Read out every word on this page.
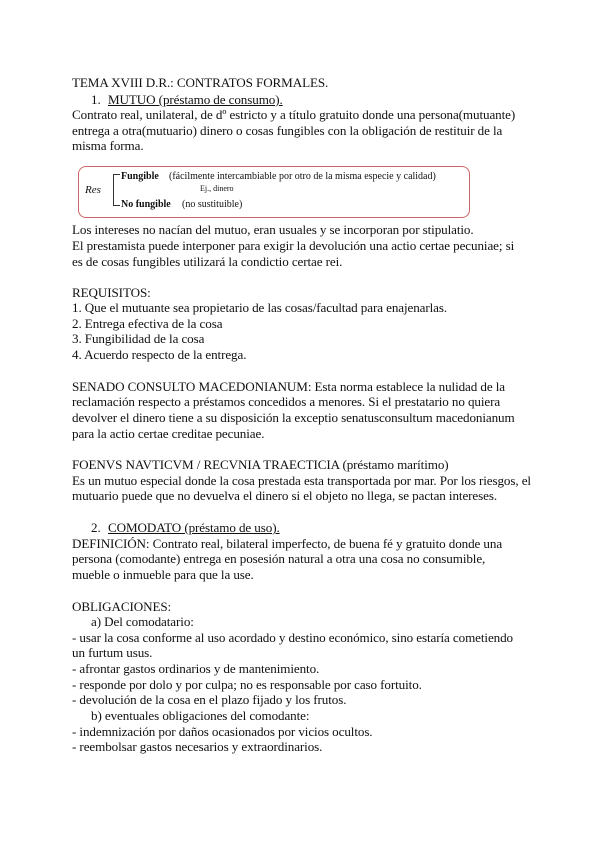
TEMA XVIII D.R.: CONTRATOS FORMALES.
1. MUTUO (préstamo de consumo).
Contrato real, unilateral, de dº estricto y a título gratuito donde una persona(mutuante)
entrega a otra(mutuario) dinero o cosas fungibles con la obligación de restituir de la
misma forma.
Res
Fungible (fácilmente intercambiable por otro de la misma especie y calidad)
Ej., dinero
No fungible (no sustituible)
Los intereses no nacían del mutuo, eran usuales y se incorporan por stipulatio.
El prestamista puede interponer para exigir la devolución una actio certae pecuniae; si
es de cosas fungibles utilizará la condictio certae rei.
REQUISITOS:
1. Que el mutuante sea propietario de las cosas/facultad para enajenarlas.
2. Entrega efectiva de la cosa
3. Fungibilidad de la cosa
4. Acuerdo respecto de la entrega.
SENADO CONSULTO MACEDONIANUM: Esta norma establece la nulidad de la
reclamación respecto a préstamos concedidos a menores. Si el prestatario no quiera
devolver el dinero tiene a su disposición la exceptio senatusconsultum macedonianum
para la actio certae creditae pecuniae.
FOENVS NAVTICVM / RECVNIA TRAECTICIA (préstamo marítimo)
Es un mutuo especial donde la cosa prestada esta transportada por mar. Por los riesgos, el
mutuario puede que no devuelva el dinero si el objeto no llega, se pactan intereses.
2. COMODATO (préstamo de uso).
DEFINICIÓN: Contrato real, bilateral imperfecto, de buena fé y gratuito donde una
persona (comodante) entrega en posesión natural a otra una cosa no consumible,
mueble o inmueble para que la use.
OBLIGACIONES:
a) Del comodatario:
- usar la cosa conforme al uso acordado y destino económico, sino estaría cometiendo
un furtum usus.
- afrontar gastos ordinarios y de mantenimiento.
- responde por dolo y por culpa; no es responsable por caso fortuito.
- devolución de la cosa en el plazo fijado y los frutos.
b) eventuales obligaciones del comodante:
- indemnización por daños ocasionados por vicios ocultos.
- reembolsar gastos necesarios y extraordinarios.
